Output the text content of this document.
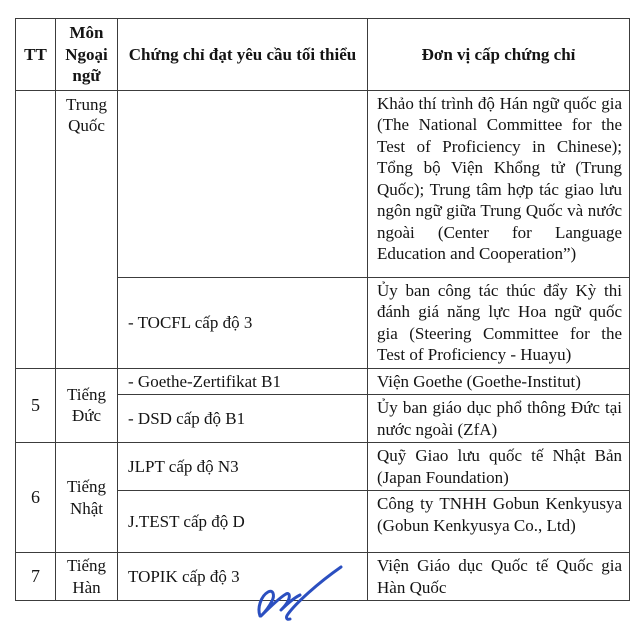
TT	Môn Ngoại ngữ	Chứng chỉ đạt yêu cầu tối thiểu	Đơn vị cấp chứng chỉ
	Trung Quốc		Khảo thí trình độ Hán ngữ quốc gia (The National Committee for the Test of Proficiency in Chinese); Tổng bộ Viện Khổng tử (Trung Quốc); Trung tâm hợp tác giao lưu ngôn ngữ giữa Trung Quốc và nước ngoài (Center for Language Education and Cooperation”)
		- TOCFL cấp độ 3	Ủy ban công tác thúc đẩy Kỳ thi đánh giá năng lực Hoa ngữ quốc gia (Steering Committee for the Test of Proficiency - Huayu)
5	Tiếng Đức	- Goethe-Zertifikat B1	Viện Goethe (Goethe-Institut)
		- DSD cấp độ B1	Ủy ban giáo dục phổ thông Đức tại nước ngoài (ZfA)
6	Tiếng Nhật	JLPT cấp độ N3	Quỹ Giao lưu quốc tế Nhật Bản (Japan Foundation)
		J.TEST cấp độ D	Công ty TNHH Gobun Kenkyusya (Gobun Kenkyusya Co., Ltd)
7	Tiếng Hàn	TOPIK cấp độ 3	Viện Giáo dục Quốc tế Quốc gia Hàn Quốc
